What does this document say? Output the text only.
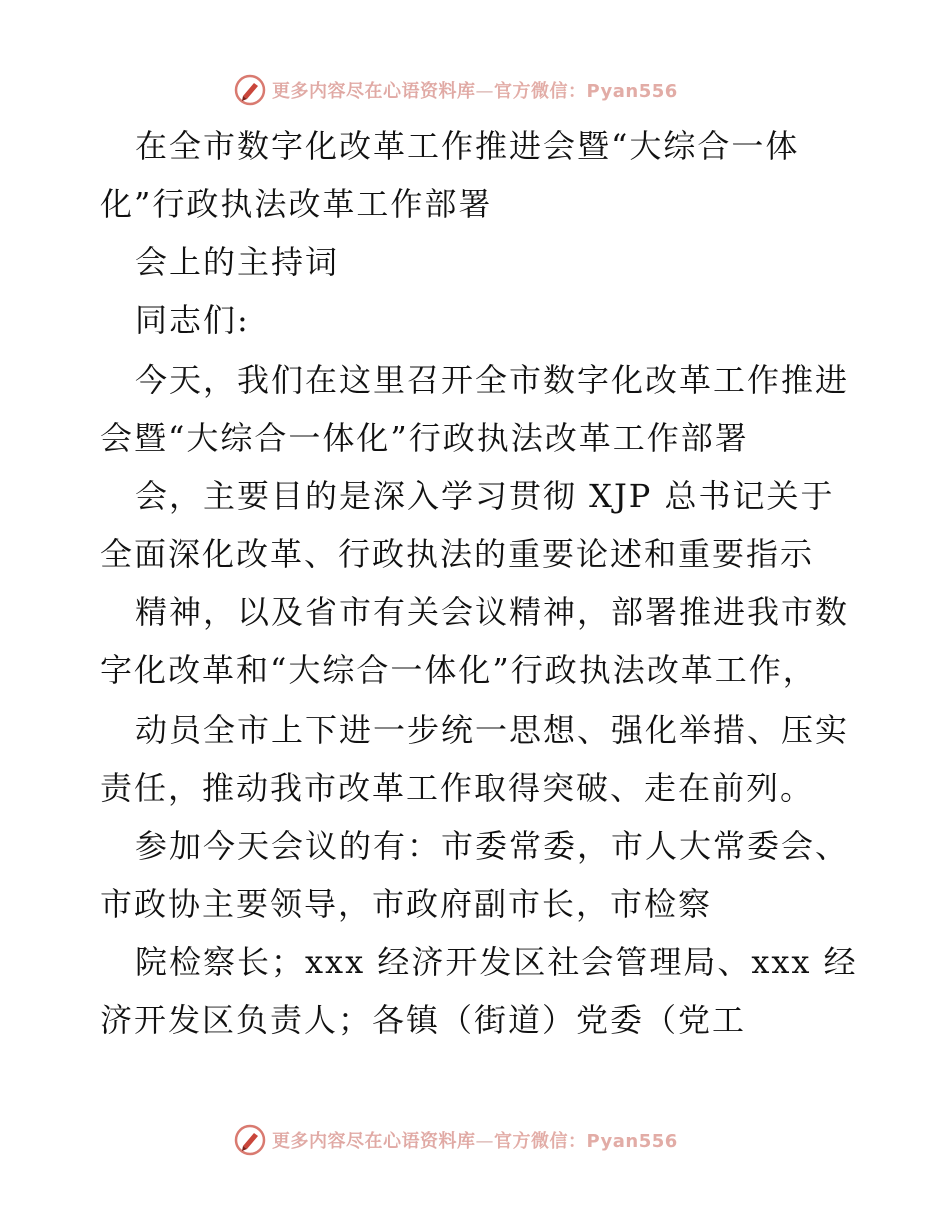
更多内容尽在心语资料库—官方微信：Pyan556
在全市数字化改革工作推进会暨“大综合一体
化”行政执法改革工作部署
会上的主持词
同志们:
今天，我们在这里召开全市数字化改革工作推进
会暨“大综合一体化”行政执法改革工作部署
会，主要目的是深入学习贯彻 XJP 总书记关于
全面深化改革、行政执法的重要论述和重要指示
精神，以及省市有关会议精神，部署推进我市数
字化改革和“大综合一体化”行政执法改革工作，
动员全市上下进一步统一思想、强化举措、压实
责任，推动我市改革工作取得突破、走在前列。
参加今天会议的有：市委常委，市人大常委会、
市政协主要领导，市政府副市长，市检察
院检察长；xxx 经济开发区社会管理局、xxx 经
济开发区负责人；各镇（街道）党委（党工
更多内容尽在心语资料库—官方微信：Pyan556
